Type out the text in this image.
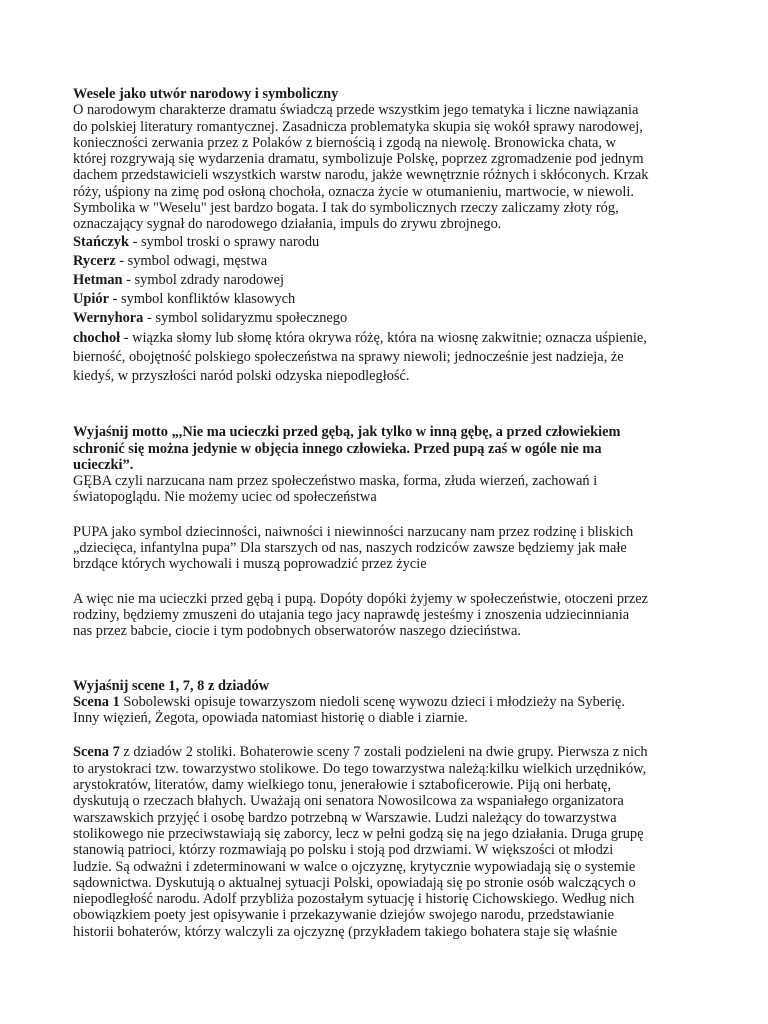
Wesele jako utwór narodowy i symboliczny
O narodowym charakterze dramatu świadczą przede wszystkim jego tematyka i liczne nawiązania
do polskiej literatury romantycznej. Zasadnicza problematyka skupia się wokół sprawy narodowej,
konieczności zerwania przez z Polaków z biernością i zgodą na niewolę. Bronowicka chata, w
której rozgrywają się wydarzenia dramatu, symbolizuje Polskę, poprzez zgromadzenie pod jednym
dachem przedstawicieli wszystkich warstw narodu, jakże wewnętrznie różnych i skłóconych. Krzak
róży, uśpiony na zimę pod osłoną chochoła, oznacza życie w otumanieniu, martwocie, w niewoli.
Symbolika w "Weselu" jest bardzo bogata. I tak do symbolicznych rzeczy zaliczamy złoty róg,
oznaczający sygnał do narodowego działania, impuls do zrywu zbrojnego.
Stańczyk - symbol troski o sprawy narodu
Rycerz - symbol odwagi, męstwa
Hetman - symbol zdrady narodowej
Upiór - symbol konfliktów klasowych
Wernyhora - symbol solidaryzmu społecznego
chochoł - wiązka słomy lub słomę która okrywa różę, która na wiosnę zakwitnie; oznacza uśpienie,
bierność, obojętność polskiego społeczeństwa na sprawy niewoli; jednocześnie jest nadzieja, że
kiedyś, w przyszłości naród polski odzyska niepodległość.
Wyjaśnij motto „,Nie ma ucieczki przed gębą, jak tylko w inną gębę, a przed człowiekiem
schronić się można jedynie w objęcia innego człowieka. Przed pupą zaś w ogóle nie ma
ucieczki”.
GĘBA czyli narzucana nam przez społeczeństwo maska, forma, złuda wierzeń, zachowań i
światopoglądu. Nie możemy uciec od społeczeństwa
PUPA jako symbol dziecinności, naiwności i niewinności narzucany nam przez rodzinę i bliskich
„dziecięca, infantylna pupa” Dla starszych od nas, naszych rodziców zawsze będziemy jak małe
brzdące których wychowali i muszą poprowadzić przez życie
A więc nie ma ucieczki przed gębą i pupą. Dopóty dopóki żyjemy w społeczeństwie, otoczeni przez
rodziny, będziemy zmuszeni do utajania tego jacy naprawdę jesteśmy i znoszenia udziecinniania
nas przez babcie, ciocie i tym podobnych obserwatorów naszego dzieciństwa.
Wyjaśnij scene 1, 7, 8 z dziadów
Scena 1 Sobolewski opisuje towarzyszom niedoli scenę wywozu dzieci i młodzieży na Syberię.
Inny więzień, Żegota, opowiada natomiast historię o diable i ziarnie.
Scena 7 z dziadów 2 stoliki. Bohaterowie sceny 7 zostali podzieleni na dwie grupy. Pierwsza z nich
to arystokraci tzw. towarzystwo stolikowe. Do tego towarzystwa należą:kilku wielkich urzędników,
arystokratów, literatów, damy wielkiego tonu, jenerałowie i sztaboficerowie. Piją oni herbatę,
dyskutują o rzeczach błahych. Uważają oni senatora Nowosilcowa za wspaniałego organizatora
warszawskich przyjęć i osobę bardzo potrzebną w Warszawie. Ludzi należący do towarzystwa
stolikowego nie przeciwstawiają się zaborcy, lecz w pełni godzą się na jego działania. Druga grupę
stanowią patrioci, którzy rozmawiają po polsku i stoją pod drzwiami. W większości ot młodzi
ludzie. Są odważni i zdeterminowani w walce o ojczyznę, krytycznie wypowiadają się o systemie
sądownictwa. Dyskutują o aktualnej sytuacji Polski, opowiadają się po stronie osób walczących o
niepodległość narodu. Adolf przybliża pozostałym sytuację i historię Cichowskiego. Według nich
obowiązkiem poety jest opisywanie i przekazywanie dziejów swojego narodu, przedstawianie
historii bohaterów, którzy walczyli za ojczyznę (przykładem takiego bohatera staje się właśnie
